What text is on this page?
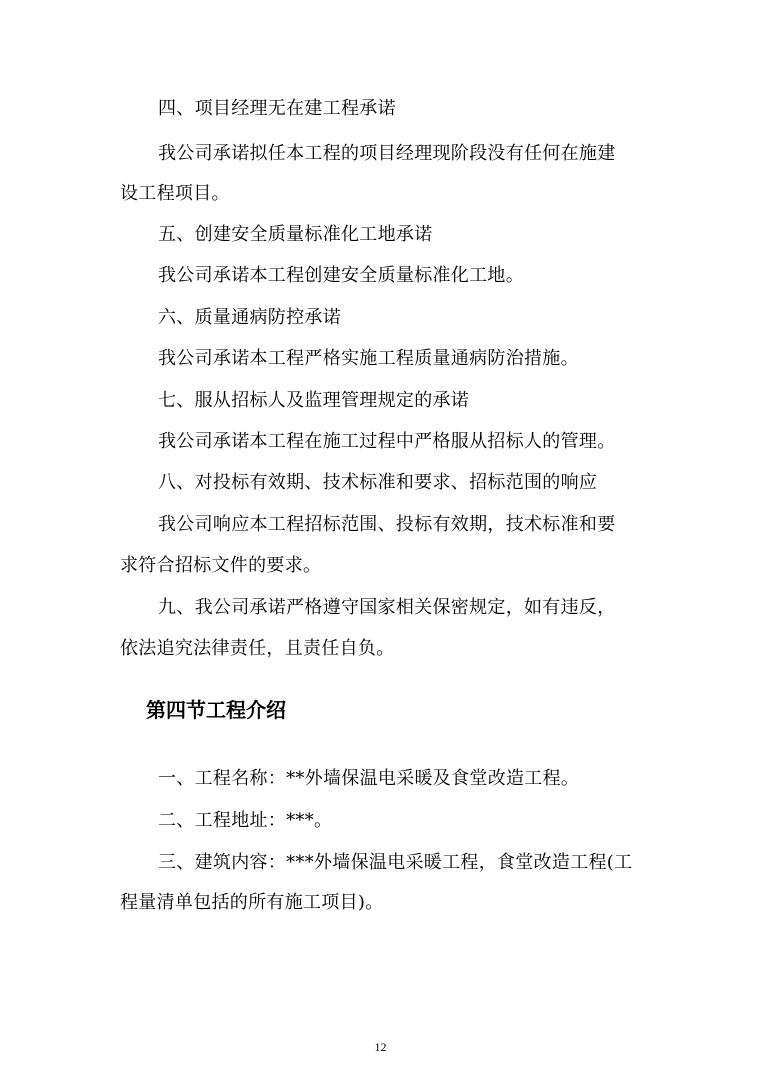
四、项目经理无在建工程承诺

我公司承诺拟任本工程的项目经理现阶段没有任何在施建

设工程项目。

五、创建安全质量标准化工地承诺

我公司承诺本工程创建安全质量标准化工地。

六、质量通病防控承诺

我公司承诺本工程严格实施工程质量通病防治措施。

七、服从招标人及监理管理规定的承诺

我公司承诺本工程在施工过程中严格服从招标人的管理。

八、对投标有效期、技术标准和要求、招标范围的响应

我公司响应本工程招标范围、投标有效期，技术标准和要

求符合招标文件的要求。

九、我公司承诺严格遵守国家相关保密规定，如有违反，

依法追究法律责任，且责任自负。

第四节工程介绍

一、工程名称：**外墙保温电采暖及食堂改造工程。

二、工程地址：***。

三、建筑内容：***外墙保温电采暖工程，食堂改造工程(工

程量清单包括的所有施工项目)。

12
